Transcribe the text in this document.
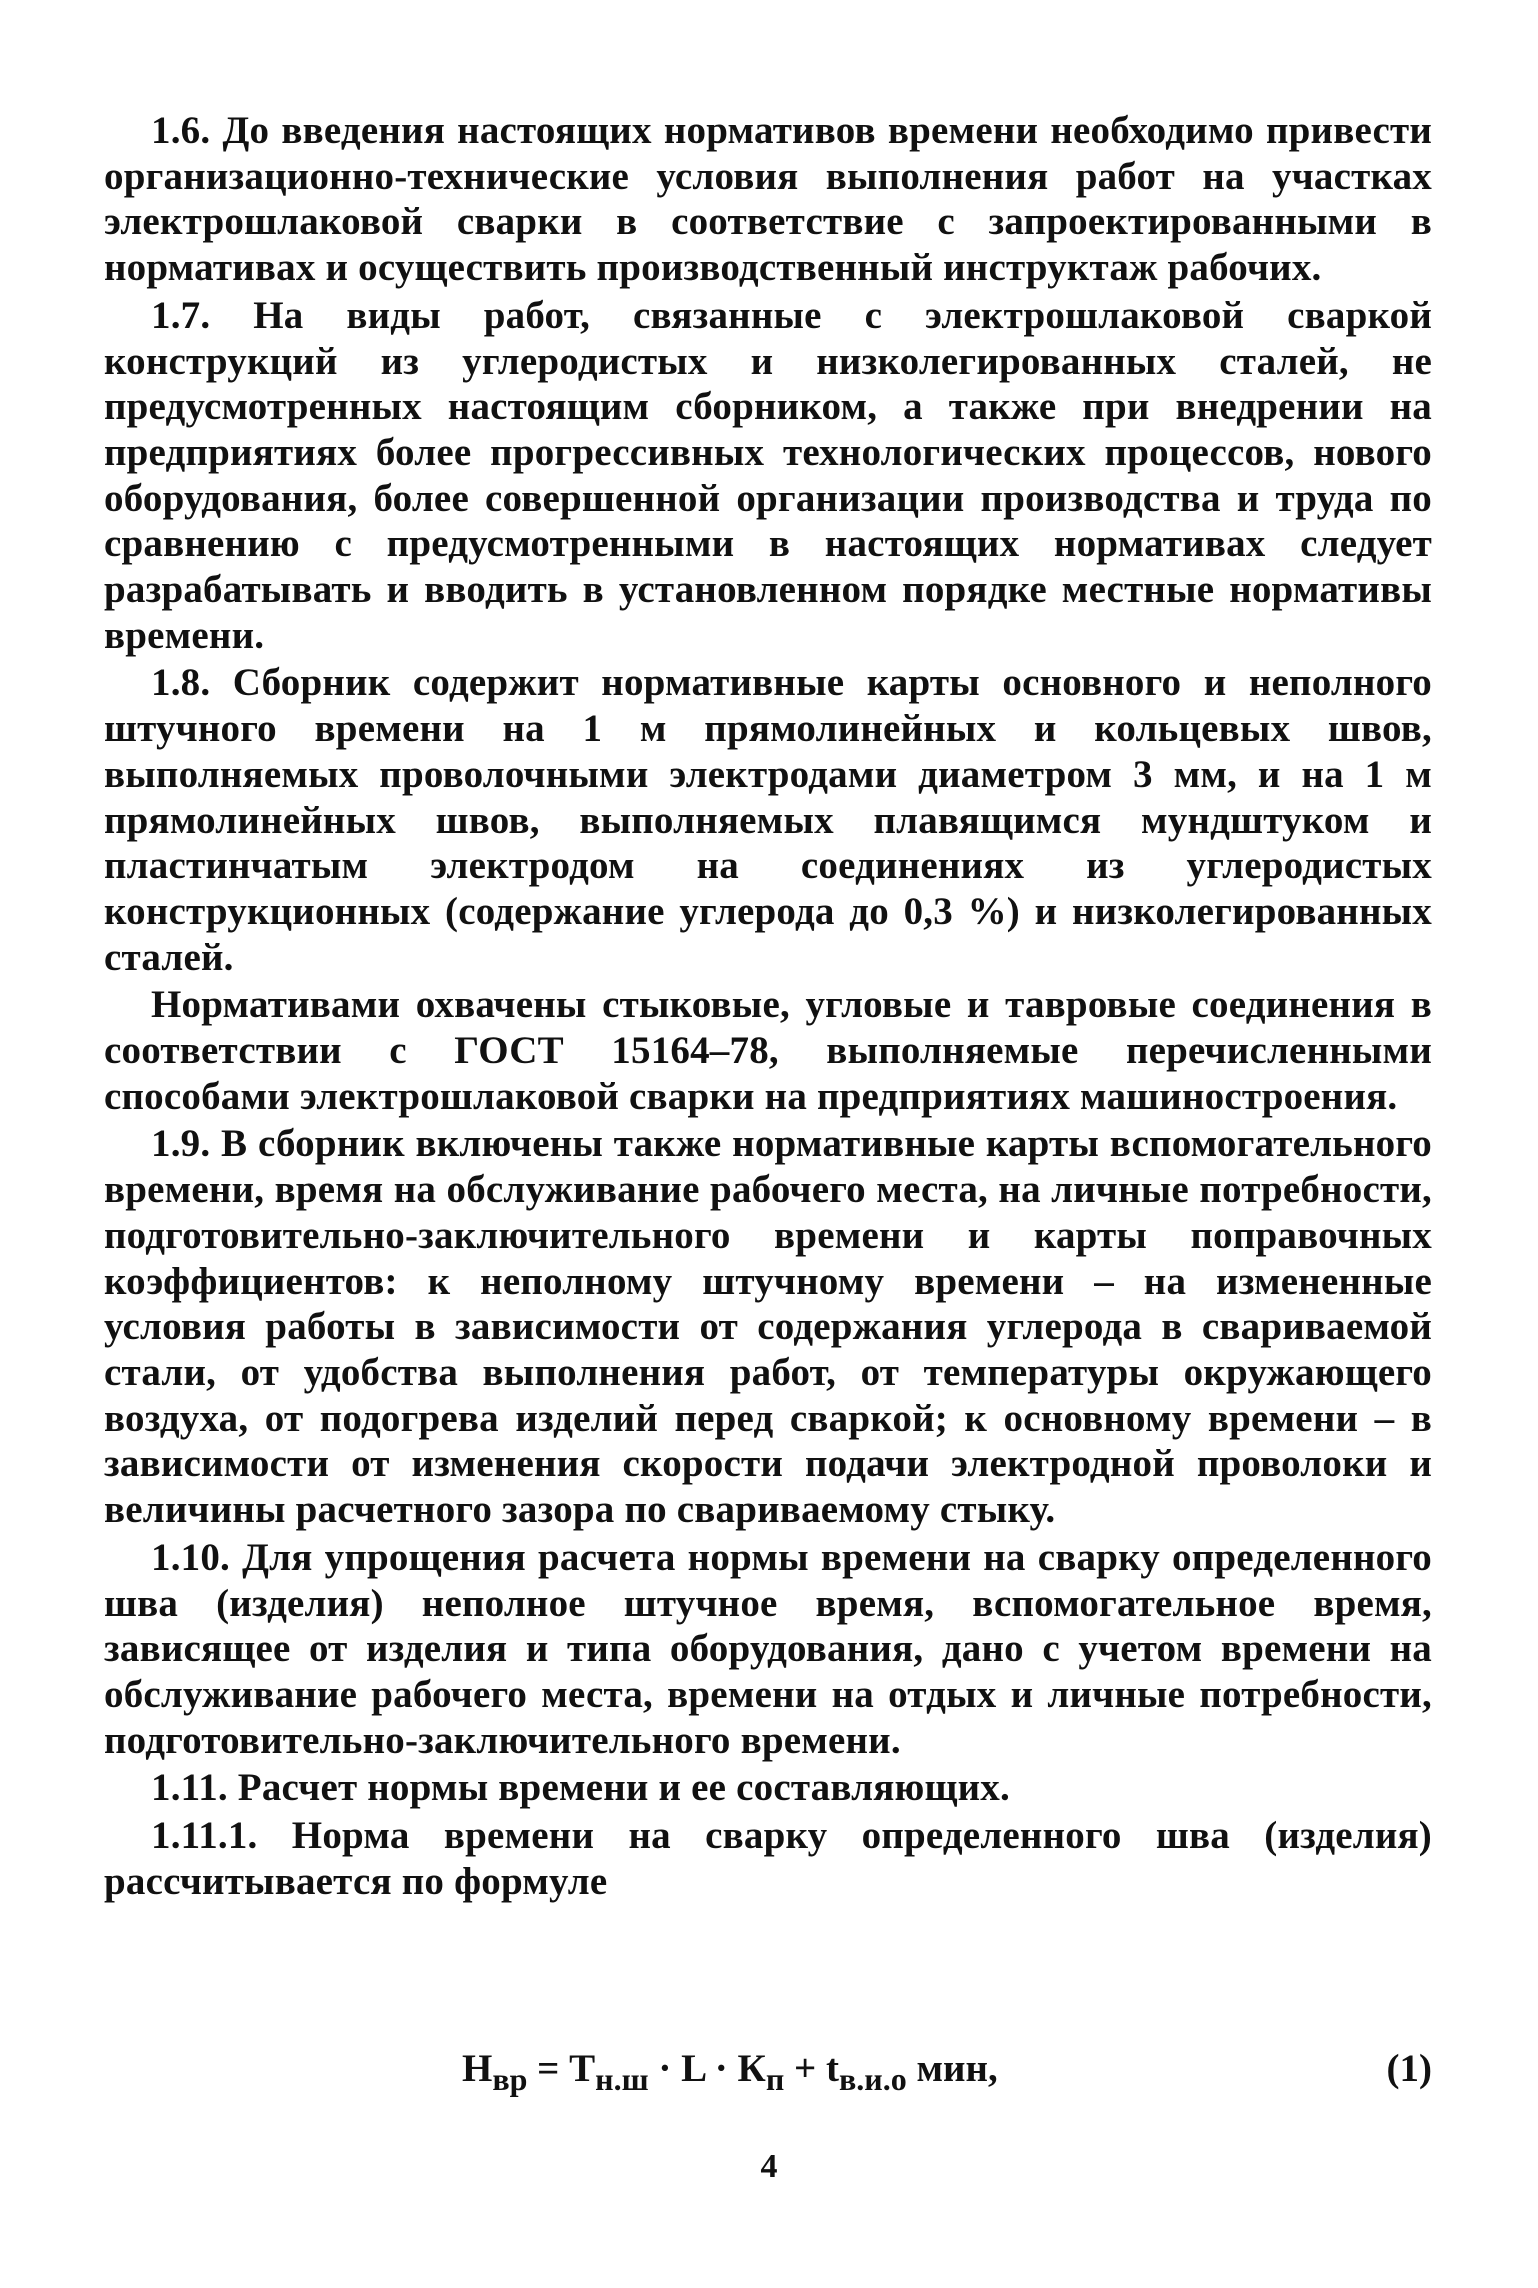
1.6. До введения настоящих нормативов времени необходимо привести организационно-технические условия выполнения работ на участках электрошлаковой сварки в соответствие с запроектированными в нормативах и осуществить производственный инструктаж рабочих.

1.7. На виды работ, связанные с электрошлаковой сваркой конструкций из углеродистых и низколегированных сталей, не предусмотренных настоящим сборником, а также при внедрении на предприятиях более прогрессивных технологических процессов, нового оборудования, более совершенной организации производства и труда по сравнению с предусмотренными в настоящих нормативах следует разрабатывать и вводить в установленном порядке местные нормативы времени.

1.8. Сборник содержит нормативные карты основного и неполного штучного времени на 1 м прямолинейных и кольцевых швов, выполняемых проволочными электродами диаметром 3 мм, и на 1 м прямолинейных швов, выполняемых плавящимся мундштуком и пластинчатым электродом на соединениях из углеродистых конструкционных (содержание углерода до 0,3 %) и низколегированных сталей.

Нормативами охвачены стыковые, угловые и тавровые соединения в соответствии с ГОСТ 15164–78, выполняемые перечисленными способами электрошлаковой сварки на предприятиях машиностроения.

1.9. В сборник включены также нормативные карты вспомогательного времени, время на обслуживание рабочего места, на личные потребности, подготовительно-заключительного времени и карты поправочных коэффициентов: к неполному штучному времени – на измененные условия работы в зависимости от содержания углерода в свариваемой стали, от удобства выполнения работ, от температуры окружающего воздуха, от подогрева изделий перед сваркой; к основному времени – в зависимости от изменения скорости подачи электродной проволоки и величины расчетного зазора по свариваемому стыку.

1.10. Для упрощения расчета нормы времени на сварку определенного шва (изделия) неполное штучное время, вспомогательное время, зависящее от изделия и типа оборудования, дано с учетом времени на обслуживание рабочего места, времени на отдых и личные потребности, подготовительно-заключительного времени.

1.11. Расчет нормы времени и ее составляющих.

1.11.1. Норма времени на сварку определенного шва (изделия) рассчитывается по формуле

$Н_{вр} = Т_{н.ш} \cdot L \cdot К_п + t_{в.и.о}$ мин,	(1)
4
